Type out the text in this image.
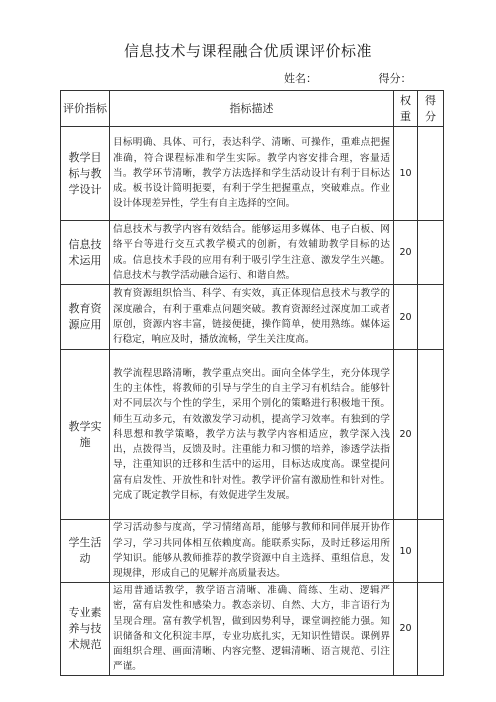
信息技术与课程融合优质课评价标准
姓名：	得分：
评价指标	指标描述	权重	得分
教学目标与教学设计	目标明确、具体、可行，表达科学、清晰、可操作，重难点把握准确，符合课程标准和学生实际。教学内容安排合理，容量适当。教学环节清晰，教学方法选择和学生活动设计有利于目标达成。板书设计简明扼要，有利于学生把握重点，突破难点。作业设计体现差异性，学生有自主选择的空间。	10	
信息技术运用	信息技术与教学内容有效结合。能够运用多媒体、电子白板、网络平台等进行交互式教学模式的创新，有效辅助教学目标的达成。信息技术手段的应用有利于吸引学生注意、激发学生兴趣。信息技术与教学活动融合运行、和谐自然。	20	
教育资源应用	教育资源组织恰当、科学、有实效，真正体现信息技术与教学的深度融合，有利于重难点问题突破。教育资源经过深度加工或者原创，资源内容丰富，链接便捷，操作简单，使用熟练。媒体运行稳定，响应及时，播放流畅，学生关注度高。	20	
教学实施	教学流程思路清晰，教学重点突出。面向全体学生，充分体现学生的主体性，将教师的引导与学生的自主学习有机结合。能够针对不同层次与个性的学生，采用个别化的策略进行积极地干预。师生互动多元，有效激发学习动机，提高学习效率。有独到的学科思想和教学策略，教学方法与教学内容相适应，教学深入浅出，点拨得当，反馈及时。注重能力和习惯的培养，渗透学法指导，注重知识的迁移和生活中的运用，目标达成度高。课堂提问富有启发性、开放性和针对性。教学评价富有激励性和针对性。完成了既定教学目标，有效促进学生发展。	20	
学生活动	学习活动参与度高，学习情绪高昂，能够与教师和同伴展开协作学习，学习共同体相互依赖度高。能联系实际，及时迁移运用所学知识。能够从教师推荐的教学资源中自主选择、重组信息，发现规律，形成自己的见解并高质量表达。	10	
专业素养与技术规范	运用普通话教学，教学语言清晰、准确、简练、生动、逻辑严密，富有启发性和感染力。教态亲切、自然、大方，非言语行为呈现合理。富有教学机智，做到因势利导，课堂调控能力强。知识储备和文化积淀丰厚，专业功底扎实，无知识性错误。课例界面组织合理、画面清晰、内容完整、逻辑清晰、语言规范、引注严谨。	20	
